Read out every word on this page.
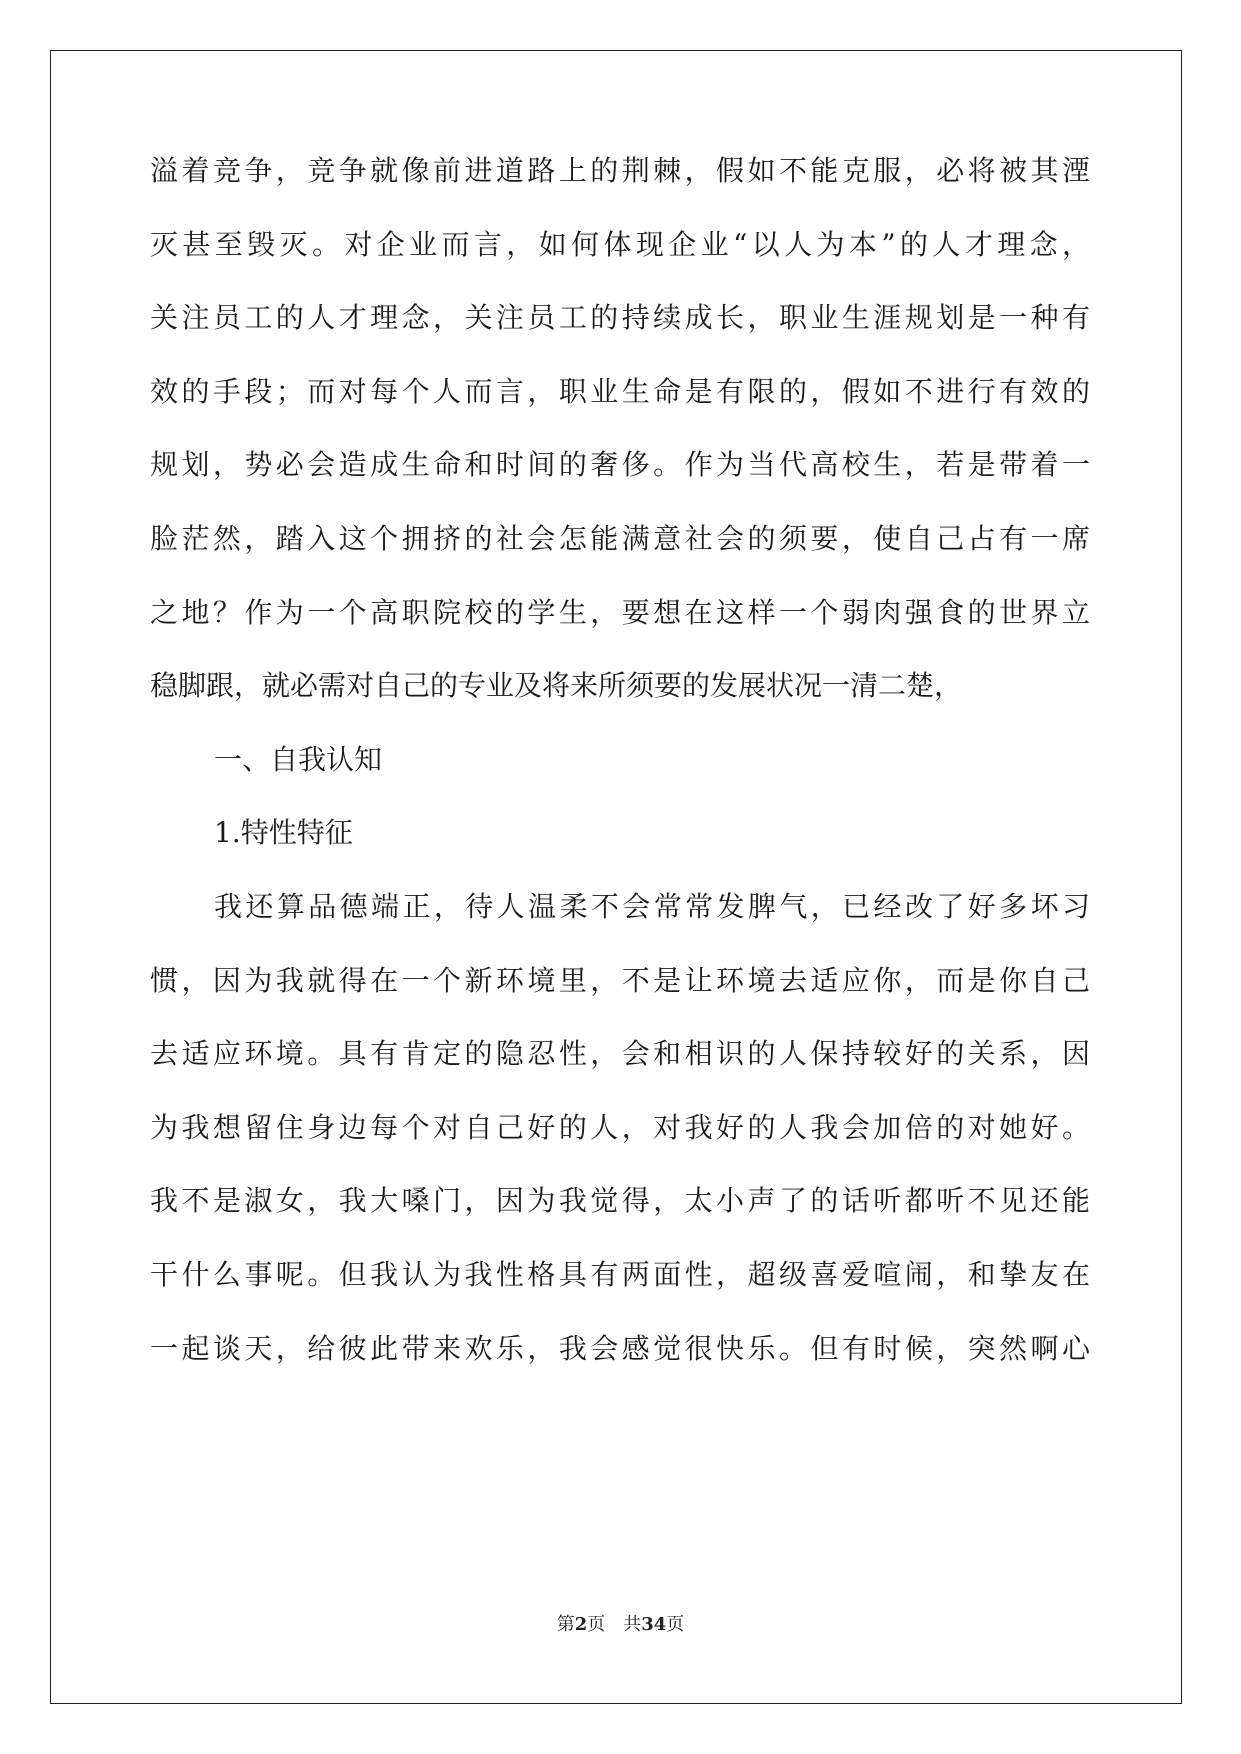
溢着竞争，竞争就像前进道路上的荆棘，假如不能克服，必将被其湮
灭甚至毁灭。对企业而言，如何体现企业“以人为本”的人才理念，
关注员工的人才理念，关注员工的持续成长，职业生涯规划是一种有
效的手段；而对每个人而言，职业生命是有限的，假如不进行有效的
规划，势必会造成生命和时间的奢侈。作为当代高校生，若是带着一
脸茫然，踏入这个拥挤的社会怎能满意社会的须要，使自己占有一席
之地？作为一个高职院校的学生，要想在这样一个弱肉强食的世界立
稳脚跟，就必需对自己的专业及将来所须要的发展状况一清二楚，
一、自我认知
1.特性特征
我还算品德端正，待人温柔不会常常发脾气，已经改了好多坏习
惯，因为我就得在一个新环境里，不是让环境去适应你，而是你自己
去适应环境。具有肯定的隐忍性，会和相识的人保持较好的关系，因
为我想留住身边每个对自己好的人，对我好的人我会加倍的对她好。
我不是淑女，我大嗓门，因为我觉得，太小声了的话听都听不见还能
干什么事呢。但我认为我性格具有两面性，超级喜爱喧闹，和挚友在
一起谈天，给彼此带来欢乐，我会感觉很快乐。但有时候，突然啊心
第2页 共34页
